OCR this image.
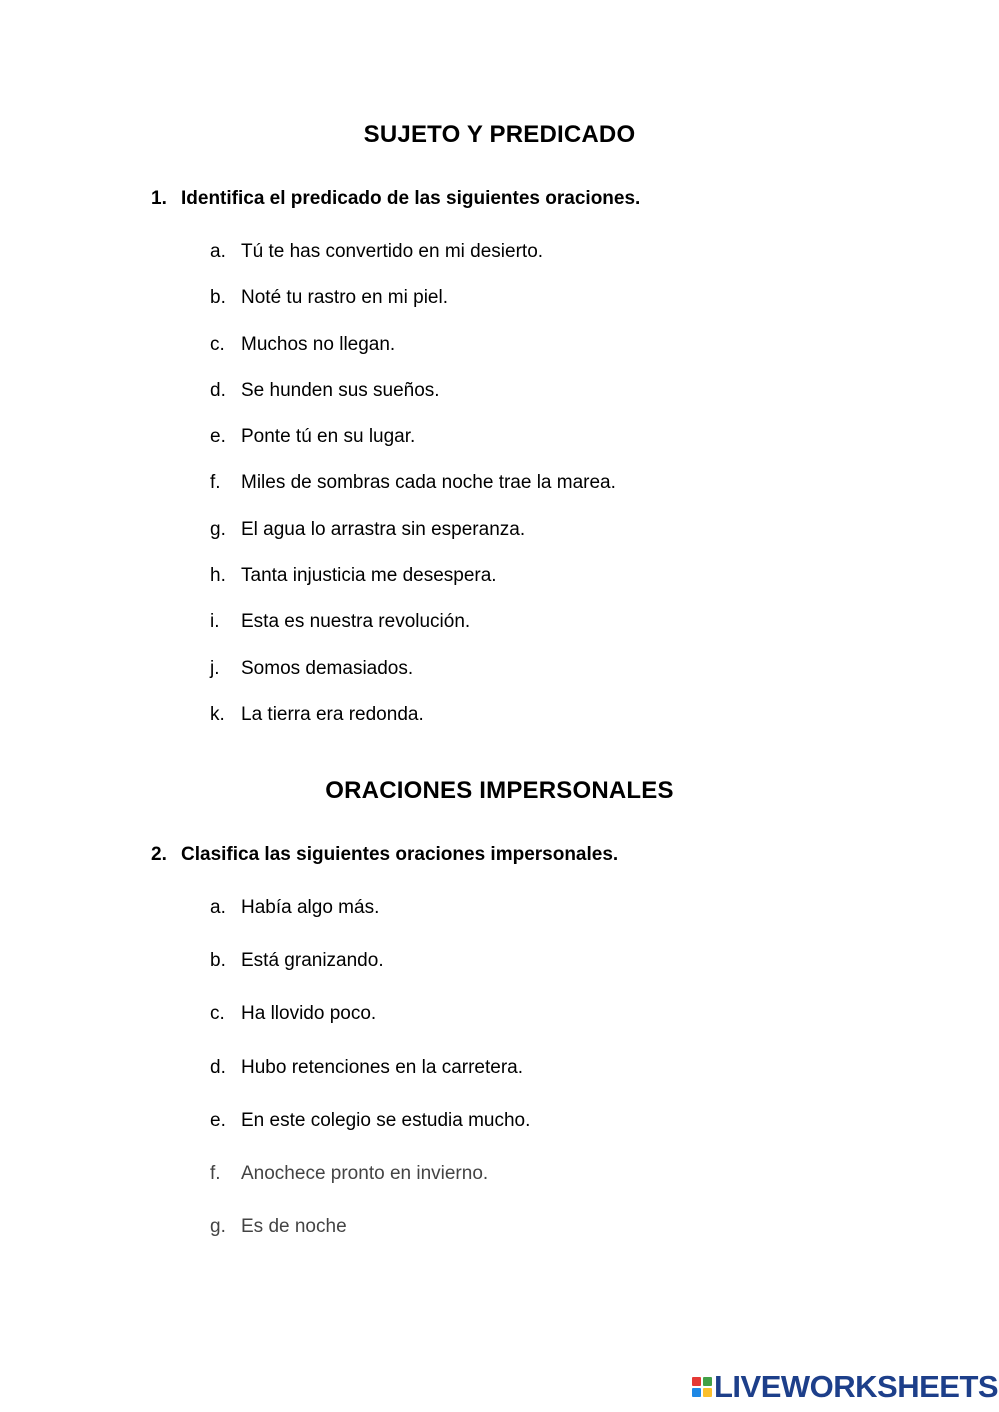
SUJETO Y PREDICADO

1. Identifica el predicado de las siguientes oraciones.

a. Tú te has convertido en mi desierto.
b. Noté tu rastro en mi piel.
c. Muchos no llegan.
d. Se hunden sus sueños.
e. Ponte tú en su lugar.
f. Miles de sombras cada noche trae la marea.
g. El agua lo arrastra sin esperanza.
h. Tanta injusticia me desespera.
i. Esta es nuestra revolución.
j. Somos demasiados.
k. La tierra era redonda.
ORACIONES IMPERSONALES

2. Clasifica las siguientes oraciones impersonales.

a. Había algo más.
b. Está granizando.
c. Ha llovido poco.
d. Hubo retenciones en la carretera.
e. En este colegio se estudia mucho.
f. Anochece pronto en invierno.
g. Es de noche
LIVEWORKSHEETS
